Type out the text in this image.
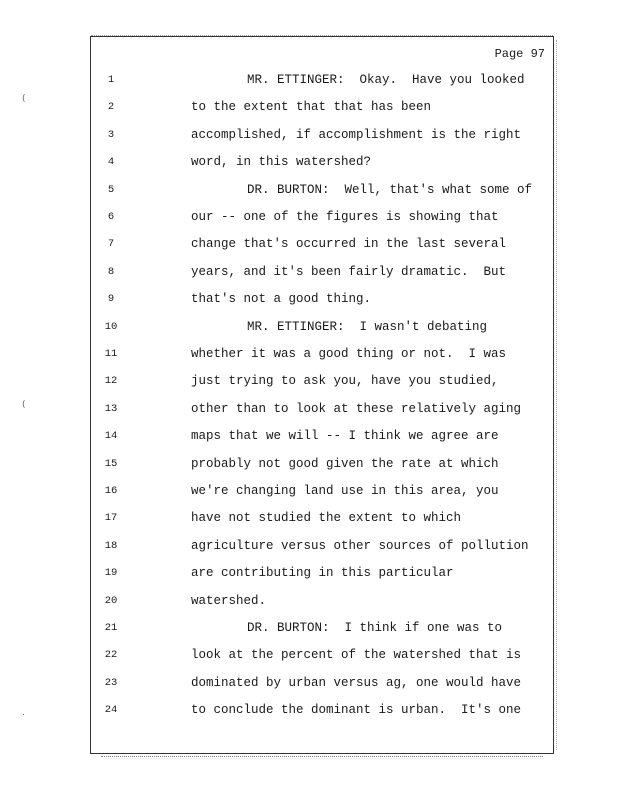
(
(
.
Page 97
1	MR. ETTINGER:  Okay.  Have you looked
2	to the extent that that has been
3	accomplished, if accomplishment is the right
4	word, in this watershed?
5	DR. BURTON:  Well, that's what some of
6	our -- one of the figures is showing that
7	change that's occurred in the last several
8	years, and it's been fairly dramatic.  But
9	that's not a good thing.
10	MR. ETTINGER:  I wasn't debating
11	whether it was a good thing or not.  I was
12	just trying to ask you, have you studied,
13	other than to look at these relatively aging
14	maps that we will -- I think we agree are
15	probably not good given the rate at which
16	we're changing land use in this area, you
17	have not studied the extent to which
18	agriculture versus other sources of pollution
19	are contributing in this particular
20	watershed.
21	DR. BURTON:  I think if one was to
22	look at the percent of the watershed that is
23	dominated by urban versus ag, one would have
24	to conclude the dominant is urban.  It's one
